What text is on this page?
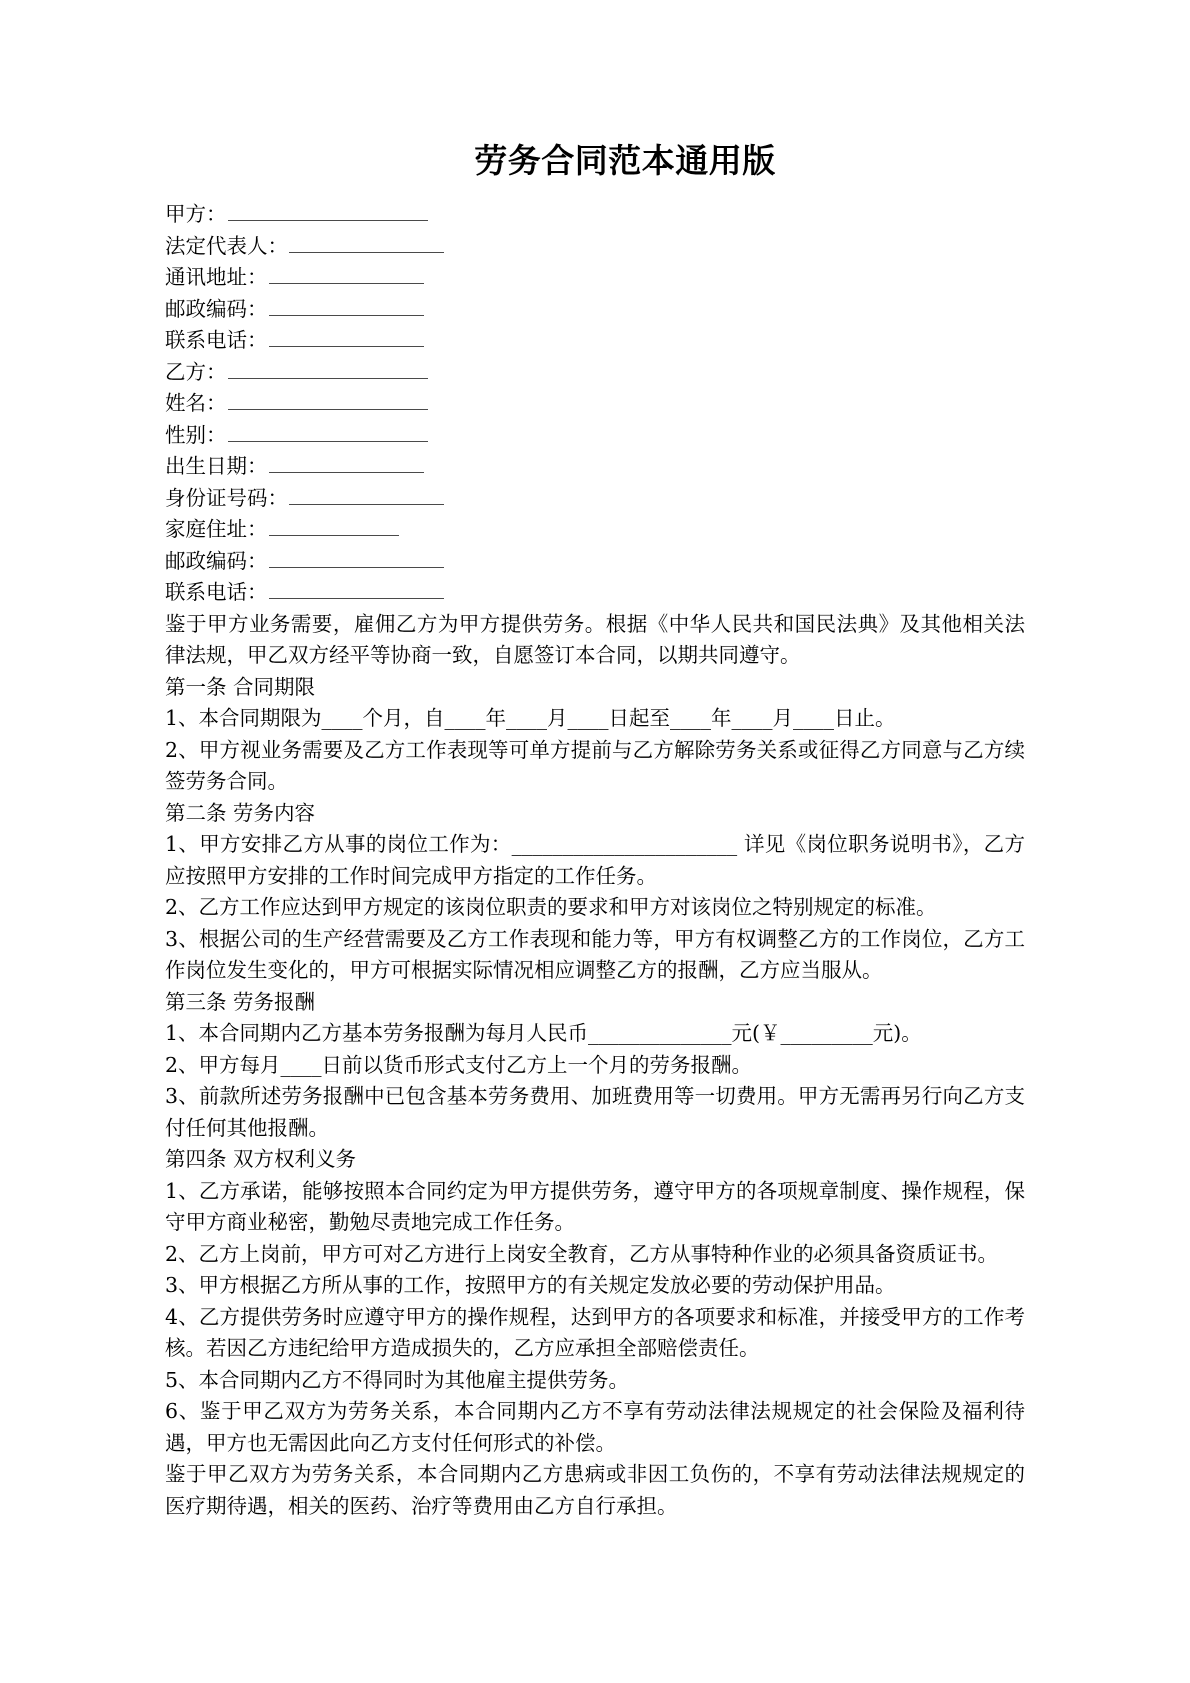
劳务合同范本通用版
甲方：
法定代表人：
通讯地址：
邮政编码：
联系电话：
乙方：
姓名：
性别：
出生日期：
身份证号码：
家庭住址：
邮政编码：
联系电话：

鉴于甲方业务需要，雇佣乙方为甲方提供劳务。根据《中华人民共和国民法典》及其他相关法律法规，甲乙双方经平等协商一致，自愿签订本合同，以期共同遵守。

第一条 合同期限

1、本合同期限为____个月，自____年____月____日起至____年____月____日止。

2、甲方视业务需要及乙方工作表现等可单方提前与乙方解除劳务关系或征得乙方同意与乙方续签劳务合同。

第二条 劳务内容

1、甲方安排乙方从事的岗位工作为：______________________ 详见《岗位职务说明书》，乙方应按照甲方安排的工作时间完成甲方指定的工作任务。

2、乙方工作应达到甲方规定的该岗位职责的要求和甲方对该岗位之特别规定的标准。

3、根据公司的生产经营需要及乙方工作表现和能力等，甲方有权调整乙方的工作岗位，乙方工作岗位发生变化的，甲方可根据实际情况相应调整乙方的报酬，乙方应当服从。

第三条 劳务报酬

1、本合同期内乙方基本劳务报酬为每月人民币______________元(￥_________元)。

2、甲方每月____日前以货币形式支付乙方上一个月的劳务报酬。

3、前款所述劳务报酬中已包含基本劳务费用、加班费用等一切费用。甲方无需再另行向乙方支付任何其他报酬。

第四条 双方权利义务

1、乙方承诺，能够按照本合同约定为甲方提供劳务，遵守甲方的各项规章制度、操作规程，保守甲方商业秘密，勤勉尽责地完成工作任务。

2、乙方上岗前，甲方可对乙方进行上岗安全教育，乙方从事特种作业的必须具备资质证书。

3、甲方根据乙方所从事的工作，按照甲方的有关规定发放必要的劳动保护用品。

4、乙方提供劳务时应遵守甲方的操作规程，达到甲方的各项要求和标准，并接受甲方的工作考核。若因乙方违纪给甲方造成损失的，乙方应承担全部赔偿责任。

5、本合同期内乙方不得同时为其他雇主提供劳务。

6、鉴于甲乙双方为劳务关系，本合同期内乙方不享有劳动法律法规规定的社会保险及福利待遇，甲方也无需因此向乙方支付任何形式的补偿。

鉴于甲乙双方为劳务关系，本合同期内乙方患病或非因工负伤的，不享有劳动法律法规规定的医疗期待遇，相关的医药、治疗等费用由乙方自行承担。
